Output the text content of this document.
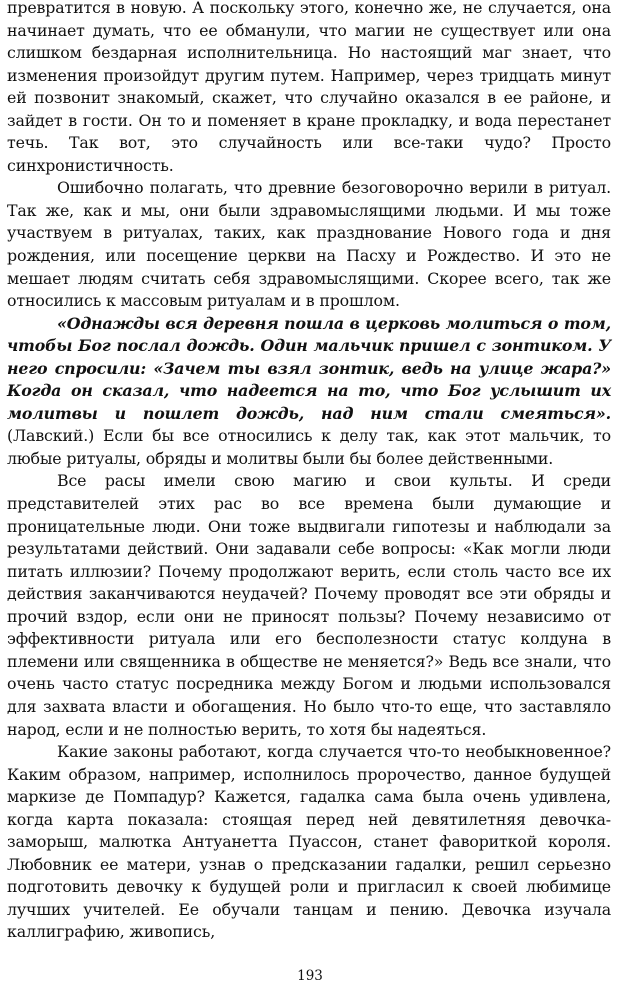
превратится в новую. А поскольку этого, конечно же, не случается, она начинает думать, что ее обманули, что магии не существует или она слишком бездарная исполнительница. Но настоящий маг знает, что изменения произойдут другим путем. Например, через тридцать минут ей позвонит знакомый, скажет, что случайно оказался в ее районе, и зайдет в гости. Он то и поменяет в кране прокладку, и вода перестанет течь. Так вот, это случайность или все-таки чудо? Просто синхронистичность.

Ошибочно полагать, что древние безоговорочно верили в ритуал. Так же, как и мы, они были здравомыслящими людьми. И мы тоже участвуем в ритуалах, таких, как празднование Нового года и дня рождения, или посещение церкви на Пасху и Рождество. И это не мешает людям считать себя здравомыслящими. Скорее всего, так же относились к массовым ритуалам и в прошлом.

«Однажды вся деревня пошла в церковь молиться о том, чтобы Бог послал дождь. Один мальчик пришел с зонтиком. У него спросили: «Зачем ты взял зонтик, ведь на улице жара?» Когда он сказал, что надеется на то, что Бог услышит их молитвы и пошлет дождь, над ним стали смеяться». (Лавский.) Если бы все относились к делу так, как этот мальчик, то любые ритуалы, обряды и молитвы были бы более действенными.

Все расы имели свою магию и свои культы. И среди представителей этих рас во все времена были думающие и проницательные люди. Они тоже выдвигали гипотезы и наблюдали за результатами действий. Они задавали себе вопросы: «Как могли люди питать иллюзии? Почему продолжают верить, если столь часто все их действия заканчиваются неудачей? Почему проводят все эти обряды и прочий вздор, если они не приносят пользы? Почему независимо от эффективности ритуала или его бесполезности статус колдуна в племени или священника в обществе не меняется?» Ведь все знали, что очень часто статус посредника между Богом и людьми использовался для захвата власти и обогащения. Но было что-то еще, что заставляло народ, если и не полностью верить, то хотя бы надеяться.

Какие законы работают, когда случается что-то необыкновенное? Каким образом, например, исполнилось пророчество, данное будущей маркизе де Помпадур? Кажется, гадалка сама была очень удивлена, когда карта показала: стоящая перед ней девятилетняя девочка-заморыш, малютка Антуанетта Пуассон, станет фавориткой короля. Любовник ее матери, узнав о предсказании гадалки, решил серьезно подготовить девочку к будущей роли и пригласил к своей любимице лучших учителей. Ее обучали танцам и пению. Девочка изучала каллиграфию, живопись,

193
